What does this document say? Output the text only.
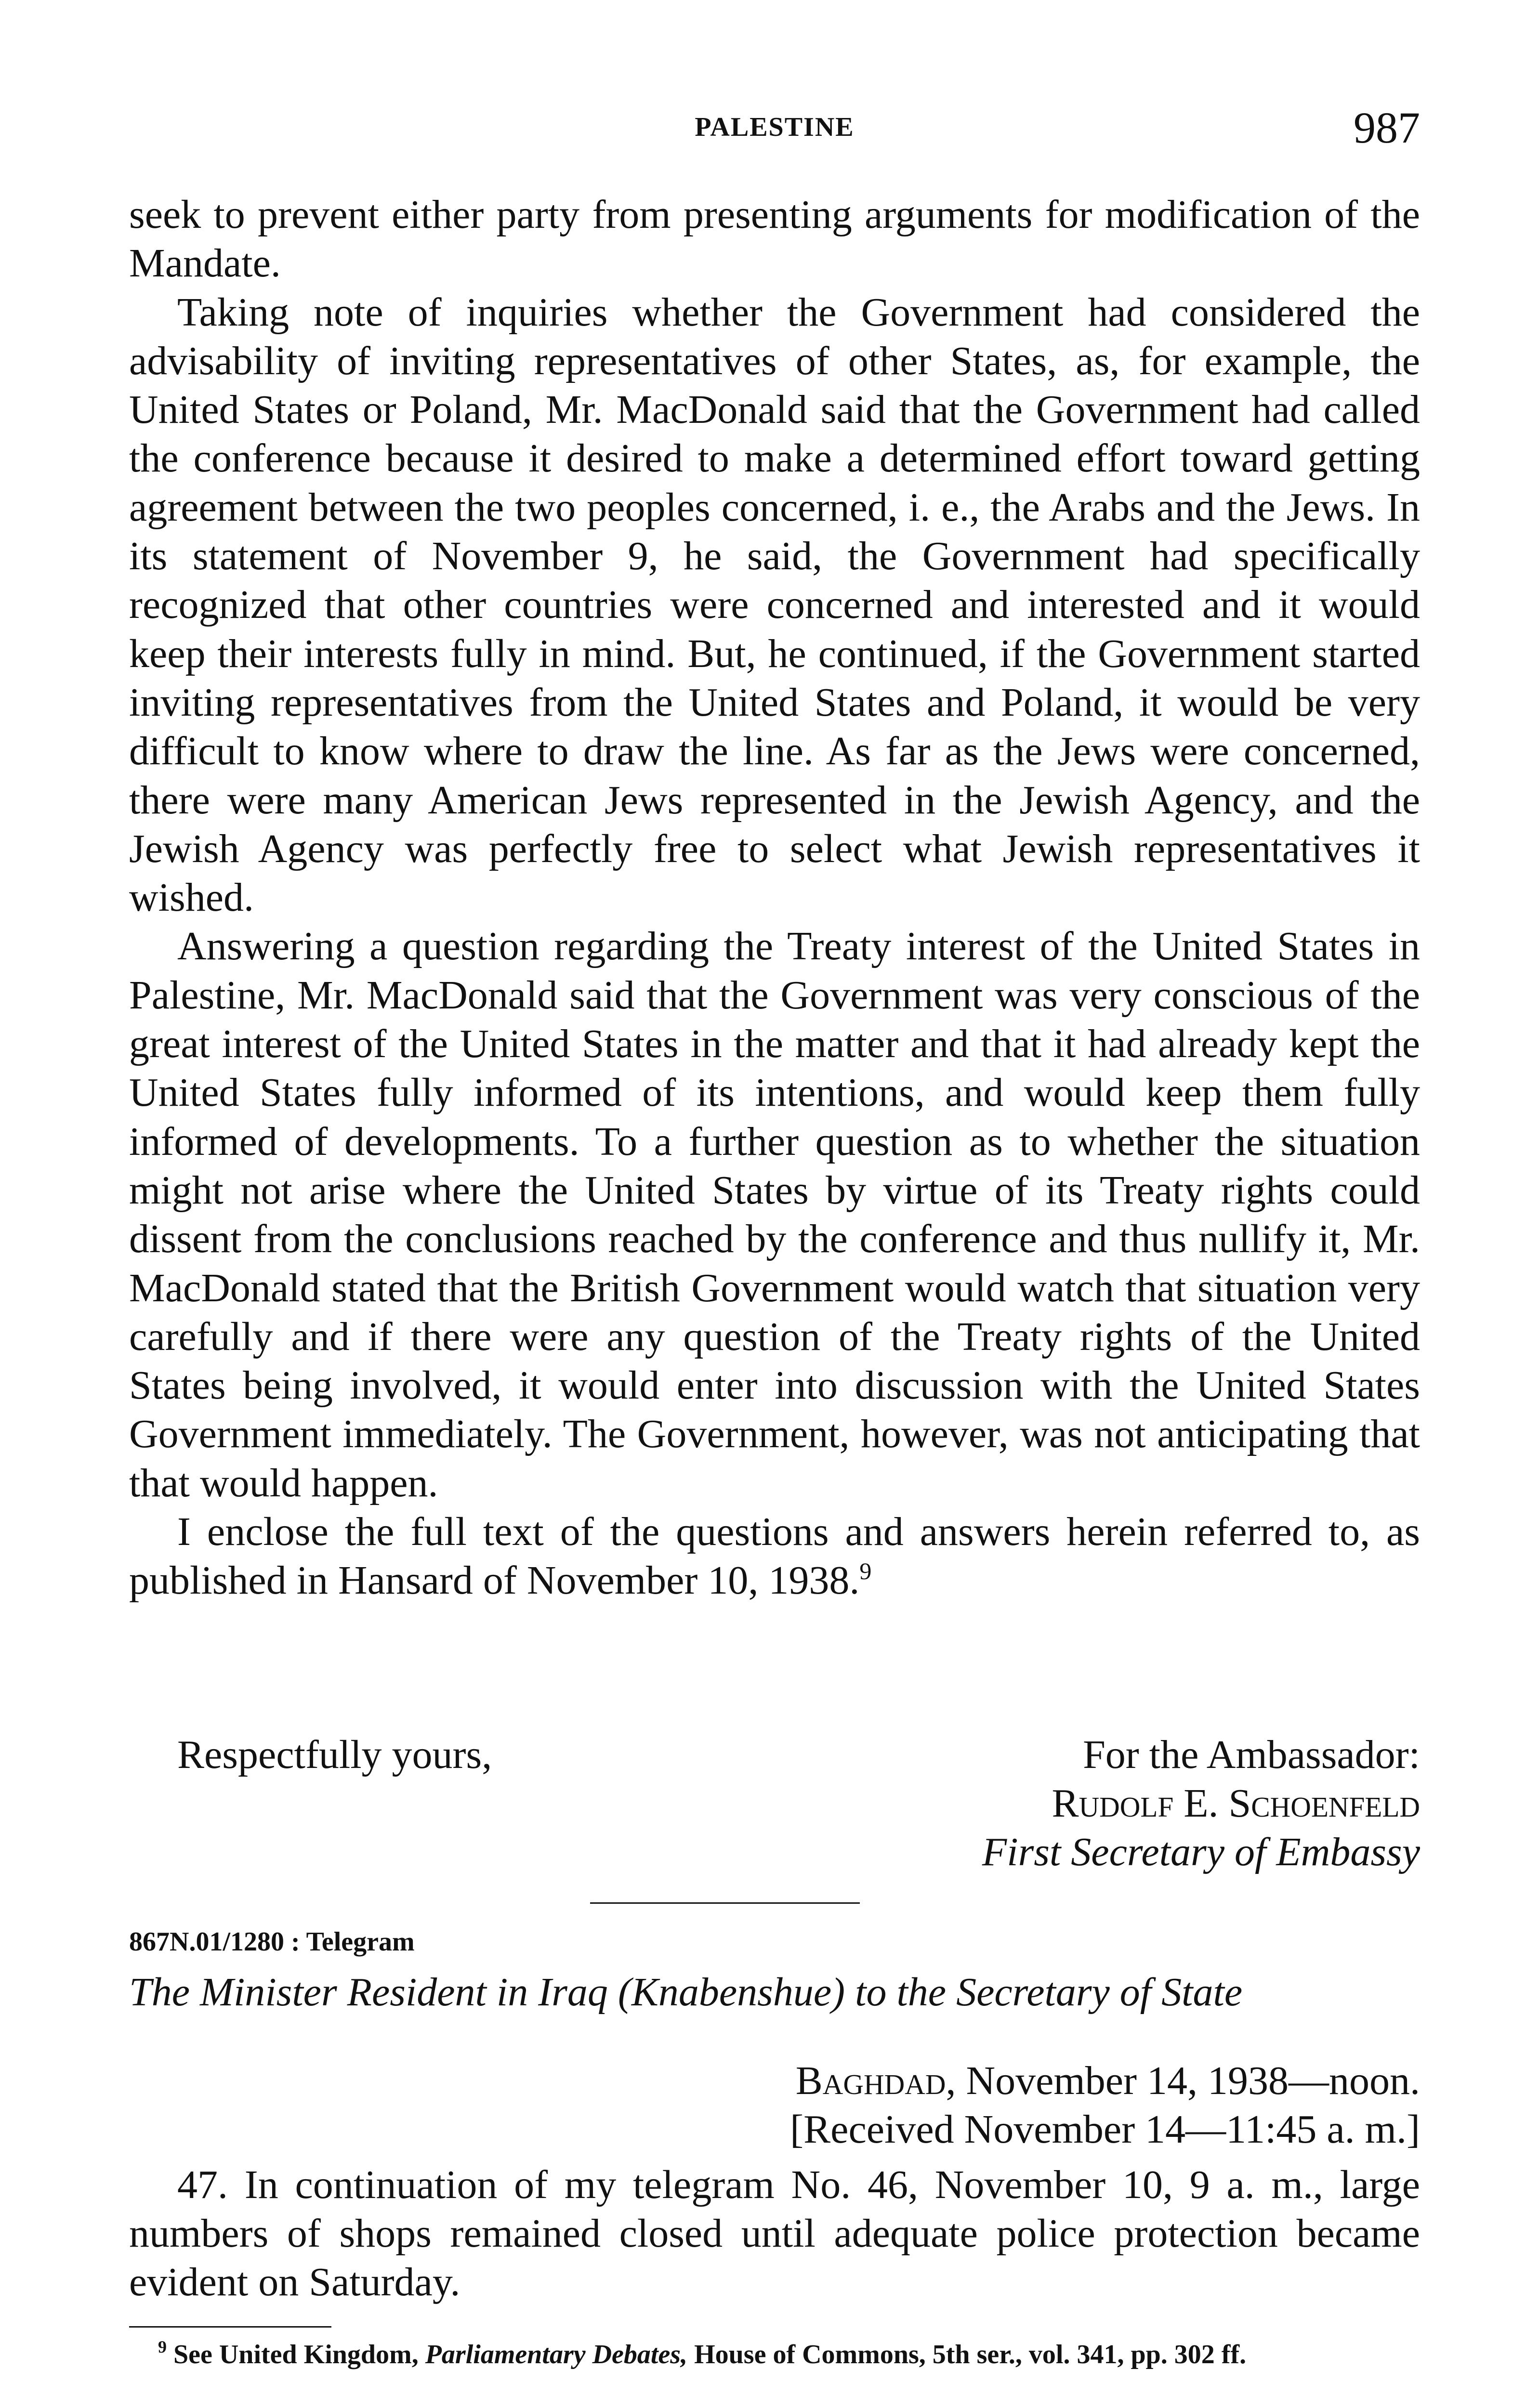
PALESTINE	987

seek to prevent either party from presenting arguments for modification of the Mandate.

Taking note of inquiries whether the Government had considered the advisability of inviting representatives of other States, as, for example, the United States or Poland, Mr. MacDonald said that the Government had called the conference because it desired to make a determined effort toward getting agreement between the two peoples concerned, i. e., the Arabs and the Jews. In its statement of November 9, he said, the Government had specifically recognized that other countries were concerned and interested and it would keep their interests fully in mind. But, he continued, if the Government started inviting representatives from the United States and Poland, it would be very difficult to know where to draw the line. As far as the Jews were concerned, there were many American Jews represented in the Jewish Agency, and the Jewish Agency was perfectly free to select what Jewish representatives it wished.

Answering a question regarding the Treaty interest of the United States in Palestine, Mr. MacDonald said that the Government was very conscious of the great interest of the United States in the matter and that it had already kept the United States fully informed of its intentions, and would keep them fully informed of developments. To a further question as to whether the situation might not arise where the United States by virtue of its Treaty rights could dissent from the conclusions reached by the conference and thus nullify it, Mr. MacDonald stated that the British Government would watch that situation very carefully and if there were any question of the Treaty rights of the United States being involved, it would enter into discussion with the United States Government immediately. The Government, however, was not anticipating that that would happen.

I enclose the full text of the questions and answers herein referred to, as published in Hansard of November 10, 1938.$^9$

Respectfully yours,	For the Ambassador:
Rudolf E. Schoenfeld
First Secretary of Embassy
867N.01/1280 : Telegram
The Minister Resident in Iraq (Knabenshue) to the Secretary of State
Baghdad, November 14, 1938—noon.
[Received November 14—11:45 a. m.]

47. In continuation of my telegram No. 46, November 10, 9 a. m., large numbers of shops remained closed until adequate police protection became evident on Saturday.

$^9$ See United Kingdom, Parliamentary Debates, House of Commons, 5th ser., vol. 341, pp. 302 ff.
